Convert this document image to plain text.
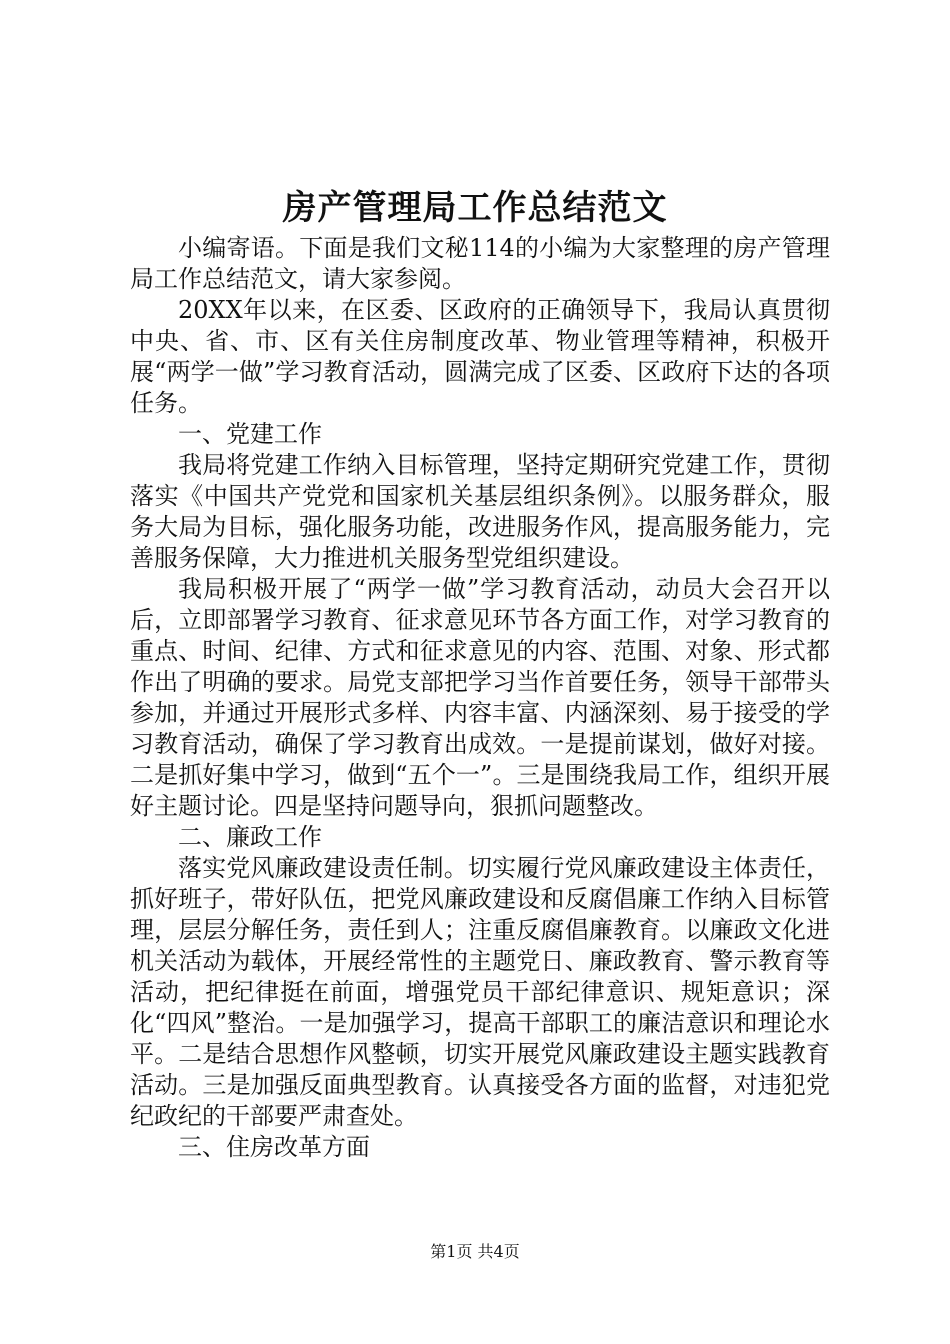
房产管理局工作总结范文

小编寄语。下面是我们文秘114的小编为大家整理的房产管理局工作总结范文，请大家参阅。

20XX年以来，在区委、区政府的正确领导下，我局认真贯彻中央、省、市、区有关住房制度改革、物业管理等精神，积极开展“两学一做”学习教育活动，圆满完成了区委、区政府下达的各项任务。

一、党建工作

我局将党建工作纳入目标管理，坚持定期研究党建工作，贯彻落实《中国共产党党和国家机关基层组织条例》。以服务群众，服务大局为目标，强化服务功能，改进服务作风，提高服务能力，完善服务保障，大力推进机关服务型党组织建设。

我局积极开展了“两学一做”学习教育活动，动员大会召开以后，立即部署学习教育、征求意见环节各方面工作，对学习教育的重点、时间、纪律、方式和征求意见的内容、范围、对象、形式都作出了明确的要求。局党支部把学习当作首要任务，领导干部带头参加，并通过开展形式多样、内容丰富、内涵深刻、易于接受的学习教育活动，确保了学习教育出成效。一是提前谋划，做好对接。二是抓好集中学习，做到“五个一”。三是围绕我局工作，组织开展好主题讨论。四是坚持问题导向，狠抓问题整改。

二、廉政工作

落实党风廉政建设责任制。切实履行党风廉政建设主体责任，抓好班子，带好队伍，把党风廉政建设和反腐倡廉工作纳入目标管理，层层分解任务，责任到人；注重反腐倡廉教育。以廉政文化进机关活动为载体，开展经常性的主题党日、廉政教育、警示教育等活动，把纪律挺在前面，增强党员干部纪律意识、规矩意识；深化“四风”整治。一是加强学习，提高干部职工的廉洁意识和理论水平。二是结合思想作风整顿，切实开展党风廉政建设主题实践教育活动。三是加强反面典型教育。认真接受各方面的监督，对违犯党纪政纪的干部要严肃查处。

三、住房改革方面

第1页 共4页
